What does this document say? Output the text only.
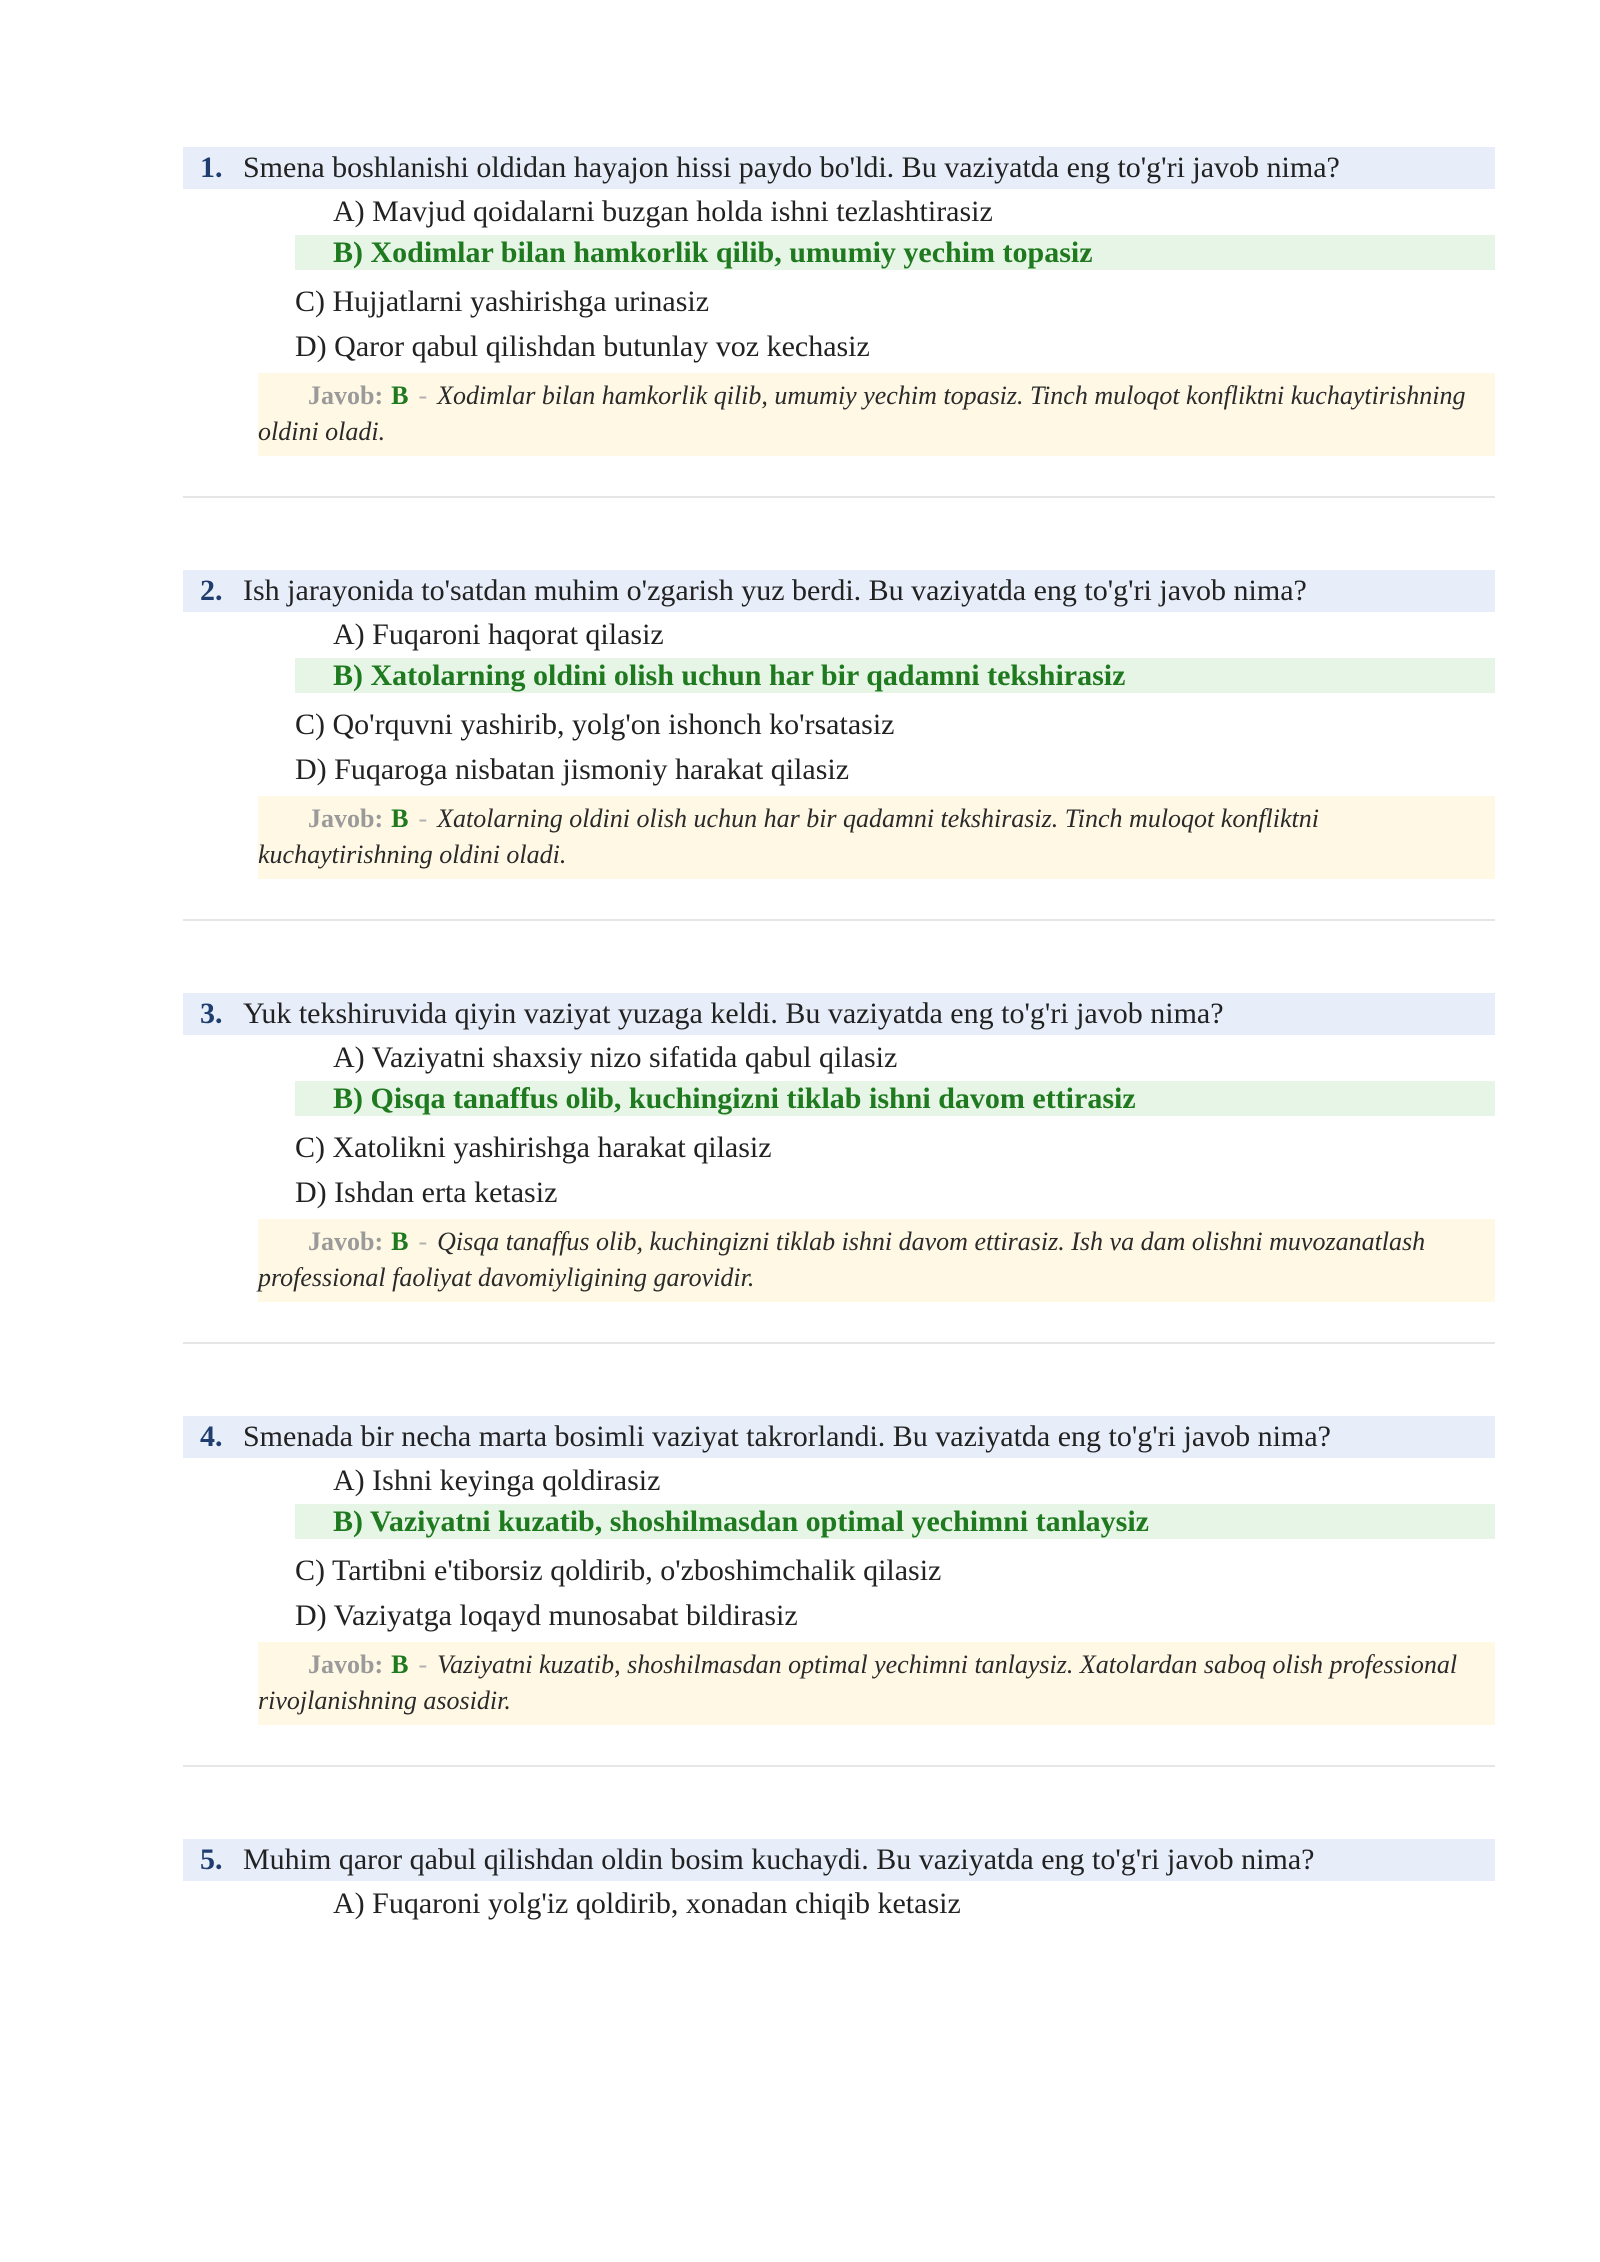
1. Smena boshlanishi oldidan hayajon hissi paydo bo'ldi. Bu vaziyatda eng to'g'ri javob nima?
A) Mavjud qoidalarni buzgan holda ishni tezlashtirasiz
B) Xodimlar bilan hamkorlik qilib, umumiy yechim topasiz
C) Hujjatlarni yashirishga urinasiz
D) Qaror qabul qilishdan butunlay voz kechasiz
Javob: B - Xodimlar bilan hamkorlik qilib, umumiy yechim topasiz. Tinch muloqot konfliktni kuchaytirishning oldini oladi.
2. Ish jarayonida to'satdan muhim o'zgarish yuz berdi. Bu vaziyatda eng to'g'ri javob nima?
A) Fuqaroni haqorat qilasiz
B) Xatolarning oldini olish uchun har bir qadamni tekshirasiz
C) Qo'rquvni yashirib, yolg'on ishonch ko'rsatasiz
D) Fuqaroga nisbatan jismoniy harakat qilasiz
Javob: B - Xatolarning oldini olish uchun har bir qadamni tekshirasiz. Tinch muloqot konfliktni kuchaytirishning oldini oladi.
3. Yuk tekshiruvida qiyin vaziyat yuzaga keldi. Bu vaziyatda eng to'g'ri javob nima?
A) Vaziyatni shaxsiy nizo sifatida qabul qilasiz
B) Qisqa tanaffus olib, kuchingizni tiklab ishni davom ettirasiz
C) Xatolikni yashirishga harakat qilasiz
D) Ishdan erta ketasiz
Javob: B - Qisqa tanaffus olib, kuchingizni tiklab ishni davom ettirasiz. Ish va dam olishni muvozanatlash professional faoliyat davomiyligining garovidir.
4. Smenada bir necha marta bosimli vaziyat takrorlandi. Bu vaziyatda eng to'g'ri javob nima?
A) Ishni keyinga qoldirasiz
B) Vaziyatni kuzatib, shoshilmasdan optimal yechimni tanlaysiz
C) Tartibni e'tiborsiz qoldirib, o'zboshimchalik qilasiz
D) Vaziyatga loqayd munosabat bildirasiz
Javob: B - Vaziyatni kuzatib, shoshilmasdan optimal yechimni tanlaysiz. Xatolardan saboq olish professional rivojlanishning asosidir.
5. Muhim qaror qabul qilishdan oldin bosim kuchaydi. Bu vaziyatda eng to'g'ri javob nima?
A) Fuqaroni yolg'iz qoldirib, xonadan chiqib ketasiz
